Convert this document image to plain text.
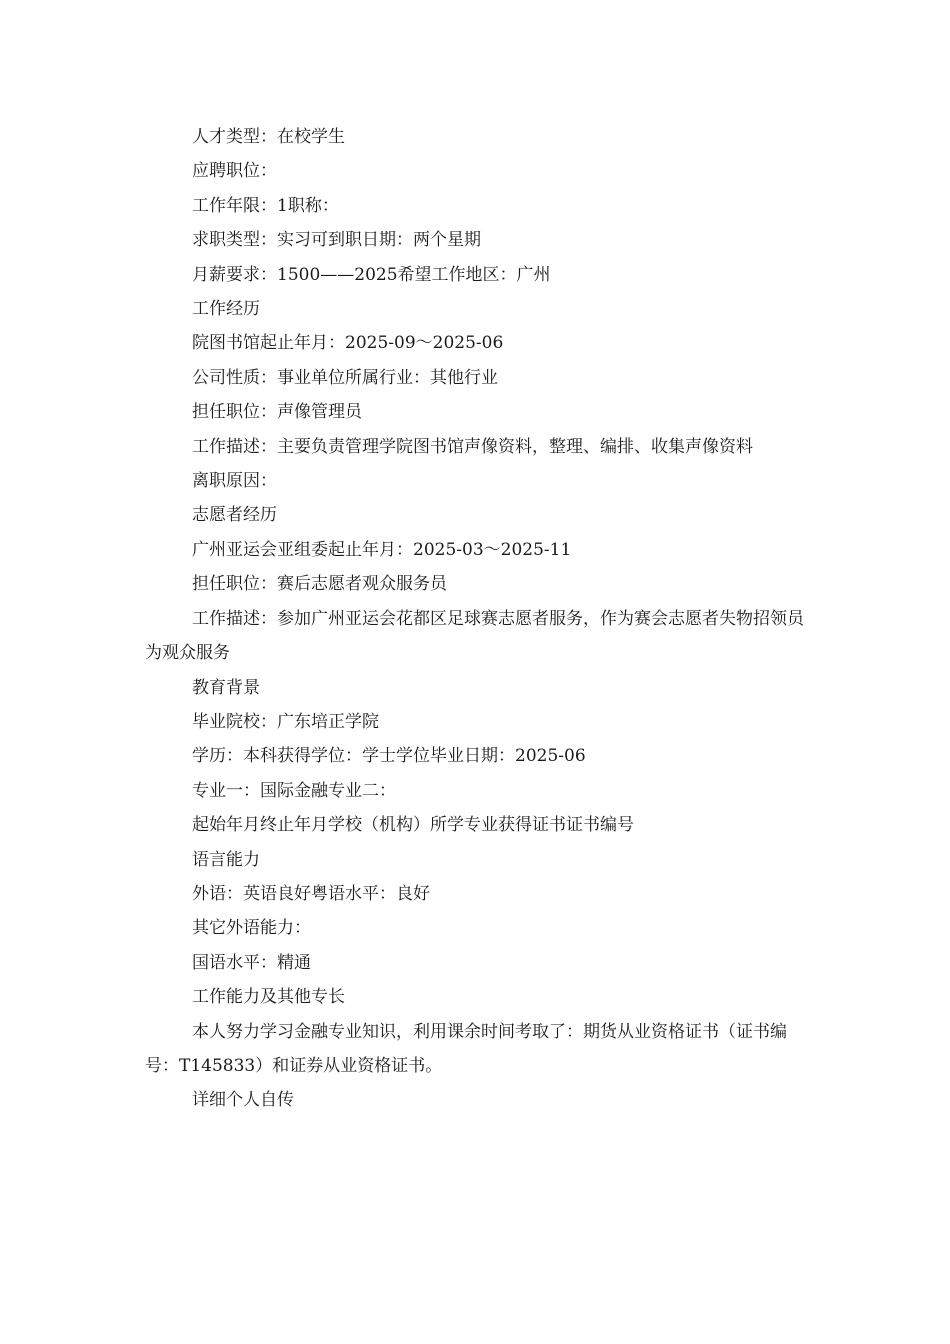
人才类型：在校学生

应聘职位：

工作年限：1职称：

求职类型：实习可到职日期：两个星期

月薪要求：1500——2025希望工作地区：广州

工作经历

院图书馆起止年月：2025-09～2025-06

公司性质：事业单位所属行业：其他行业

担任职位：声像管理员

工作描述：主要负责管理学院图书馆声像资料，整理、编排、收集声像资料

离职原因：

志愿者经历

广州亚运会亚组委起止年月：2025-03～2025-11

担任职位：赛后志愿者观众服务员

工作描述：参加广州亚运会花都区足球赛志愿者服务，作为赛会志愿者失物招领员为观众服务

教育背景

毕业院校：广东培正学院

学历：本科获得学位：学士学位毕业日期：2025-06

专业一：国际金融专业二：

起始年月终止年月学校（机构）所学专业获得证书证书编号

语言能力

外语：英语良好粤语水平：良好

其它外语能力：

国语水平：精通

工作能力及其他专长

本人努力学习金融专业知识，利用课余时间考取了：期货从业资格证书（证书编号：T145833）和证券从业资格证书。

详细个人自传
